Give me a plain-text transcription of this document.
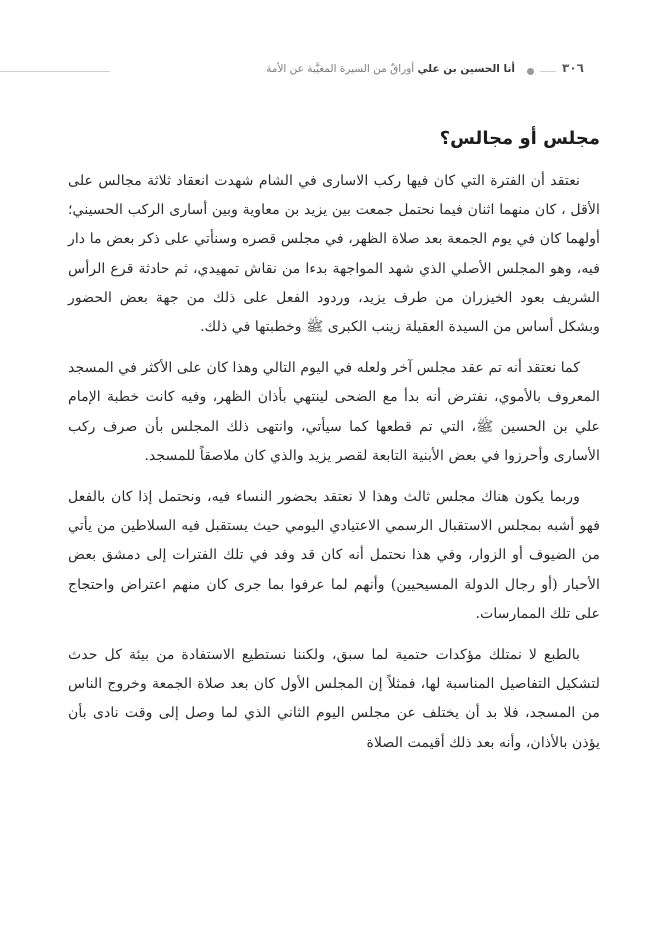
أنا الحسين بن علي أوراقٌ من السيرة المغيَّبة عن الأمة	٣٠٦
مجلس أو مجالس؟

نعتقد أن الفترة التي كان فيها ركب الاسارى في الشام شهدت انعقاد ثلاثة مجالس على الأقل ، كان منهما اثنان فيما نحتمل جمعت بين يزيد بن معاوية وبين أسارى الركب الحسيني؛ أولهما كان في يوم الجمعة بعد صلاة الظهر، في مجلس قصره وسنأتي على ذكر بعض ما دار فيه، وهو المجلس الأصلي الذي شهد المواجهة بدءا من نقاش تمهيدي، ثم حادثة قرع الرأس الشريف بعود الخيزران من طرف يزيد، وردود الفعل على ذلك من جهة بعض الحضور وبشكل أساس من السيدة العقيلة زينب الكبرى ﷺ وخطبتها في ذلك.

كما نعتقد أنه تم عقد مجلس آخر ولعله في اليوم التالي وهذا كان على الأكثر في المسجد المعروف بالأموي، نفترض أنه بدأ مع الضحى لينتهي بأذان الظهر، وفيه كانت خطبة الإمام علي بن الحسين ﷺ، التي تم قطعها كما سيأتي، وانتهى ذلك المجلس بأن صرف ركب الأسارى وأحرزوا في بعض الأبنية التابعة لقصر يزيد والذي كان ملاصقاً للمسجد.

وربما يكون هناك مجلس ثالث وهذا لا نعتقد بحضور النساء فيه، ونحتمل إذا كان بالفعل فهو أشبه بمجلس الاستقبال الرسمي الاعتيادي اليومي حيث يستقبل فيه السلاطين من يأتي من الضيوف أو الزوار، وفي هذا نحتمل أنه كان قد وفد في تلك الفترات إلى دمشق بعض الأحبار (أو رجال الدولة المسيحيين) وأنهم لما عرفوا بما جرى كان منهم اعتراض واحتجاج على تلك الممارسات.

بالطبع لا نمتلك مؤكدات حتمية لما سبق، ولكننا نستطيع الاستفادة من بيئة كل حدث لتشكيل التفاصيل المناسبة لها، فمثلاً إن المجلس الأول كان بعد صلاة الجمعة وخروج الناس من المسجد، فلا بد أن يختلف عن مجلس اليوم الثاني الذي لما وصل إلى وقت نادى بأن يؤذن بالأذان، وأنه بعد ذلك أقيمت الصلاة
